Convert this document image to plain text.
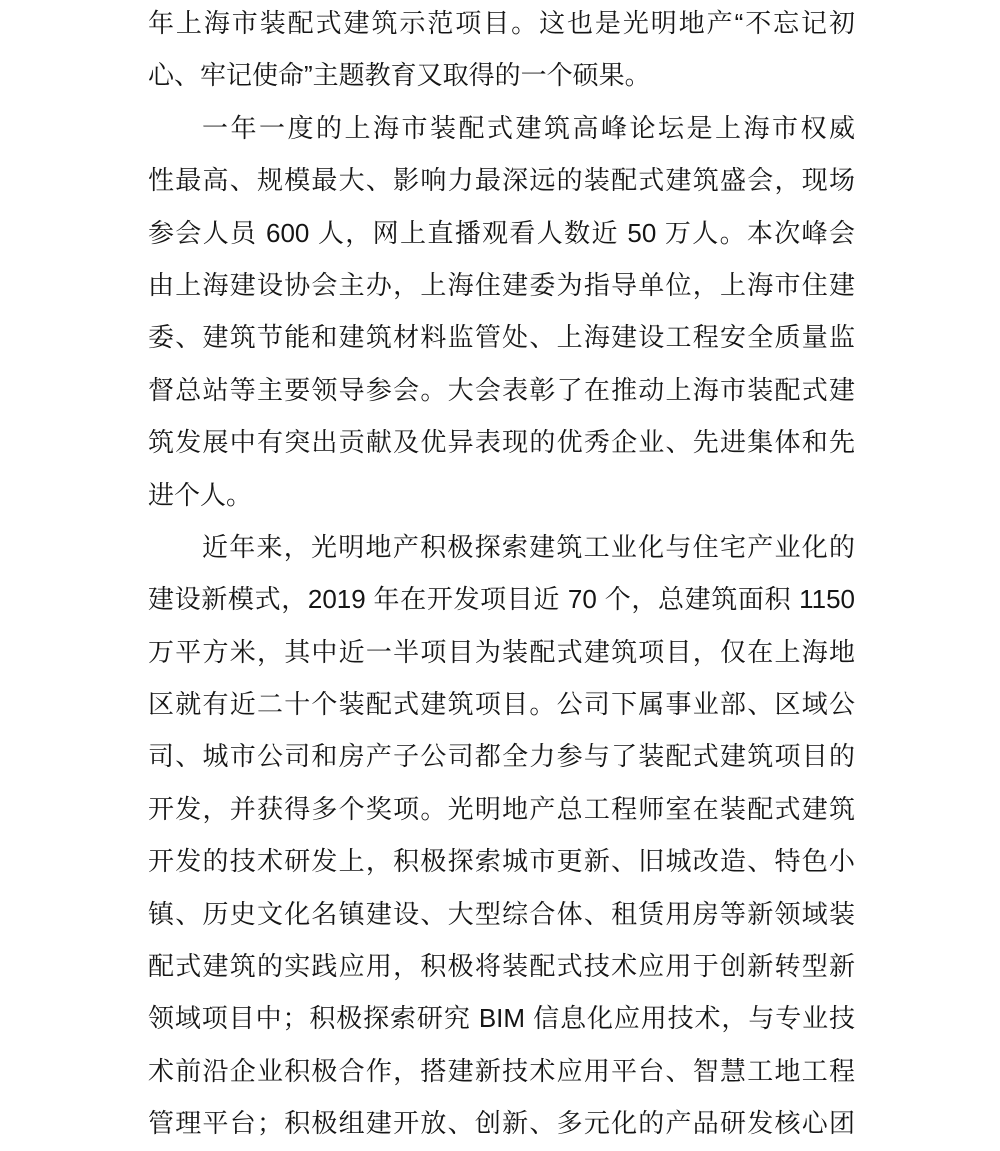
年上海市装配式建筑示范项目。这也是光明地产“不忘记初
心、牢记使命”主题教育又取得的一个硕果。
一年一度的上海市装配式建筑高峰论坛是上海市权威
性最高、规模最大、影响力最深远的装配式建筑盛会，现场
参会人员 600 人，网上直播观看人数近 50 万人。本次峰会
由上海建设协会主办，上海住建委为指导单位，上海市住建
委、建筑节能和建筑材料监管处、上海建设工程安全质量监
督总站等主要领导参会。大会表彰了在推动上海市装配式建
筑发展中有突出贡献及优异表现的优秀企业、先进集体和先
进个人。
近年来，光明地产积极探索建筑工业化与住宅产业化的
建设新模式，2019 年在开发项目近 70 个，总建筑面积 1150
万平方米，其中近一半项目为装配式建筑项目，仅在上海地
区就有近二十个装配式建筑项目。公司下属事业部、区域公
司、城市公司和房产子公司都全力参与了装配式建筑项目的
开发，并获得多个奖项。光明地产总工程师室在装配式建筑
开发的技术研发上，积极探索城市更新、旧城改造、特色小
镇、历史文化名镇建设、大型综合体、租赁用房等新领域装
配式建筑的实践应用，积极将装配式技术应用于创新转型新
领域项目中；积极探索研究 BIM 信息化应用技术，与专业技
术前沿企业积极合作，搭建新技术应用平台、智慧工地工程
管理平台；积极组建开放、创新、多元化的产品研发核心团
